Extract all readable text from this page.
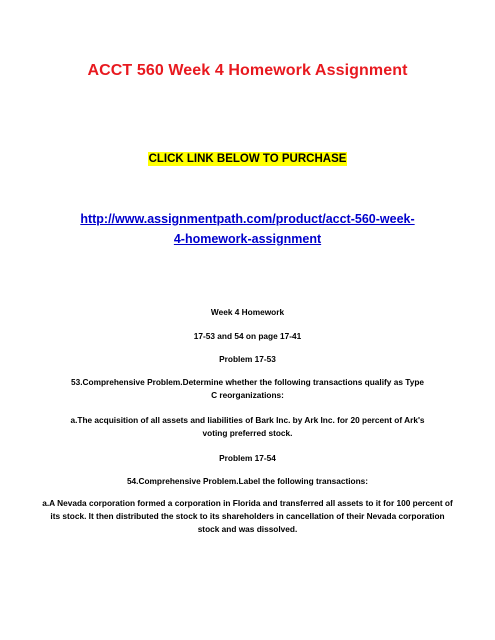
ACCT 560 Week 4 Homework Assignment
CLICK LINK BELOW TO PURCHASE
http://www.assignmentpath.com/product/acct-560-week-4-homework-assignment
Week 4 Homework
17-53 and 54 on page 17-41
Problem 17-53
53.Comprehensive Problem.Determine whether the following transactions qualify as Type C reorganizations:
a.The acquisition of all assets and liabilities of Bark Inc. by Ark Inc. for 20 percent of Ark's voting preferred stock.
Problem 17-54
54.Comprehensive Problem.Label the following transactions:
a.A Nevada corporation formed a corporation in Florida and transferred all assets to it for 100 percent of its stock. It then distributed the stock to its shareholders in cancellation of their Nevada corporation stock and was dissolved.
